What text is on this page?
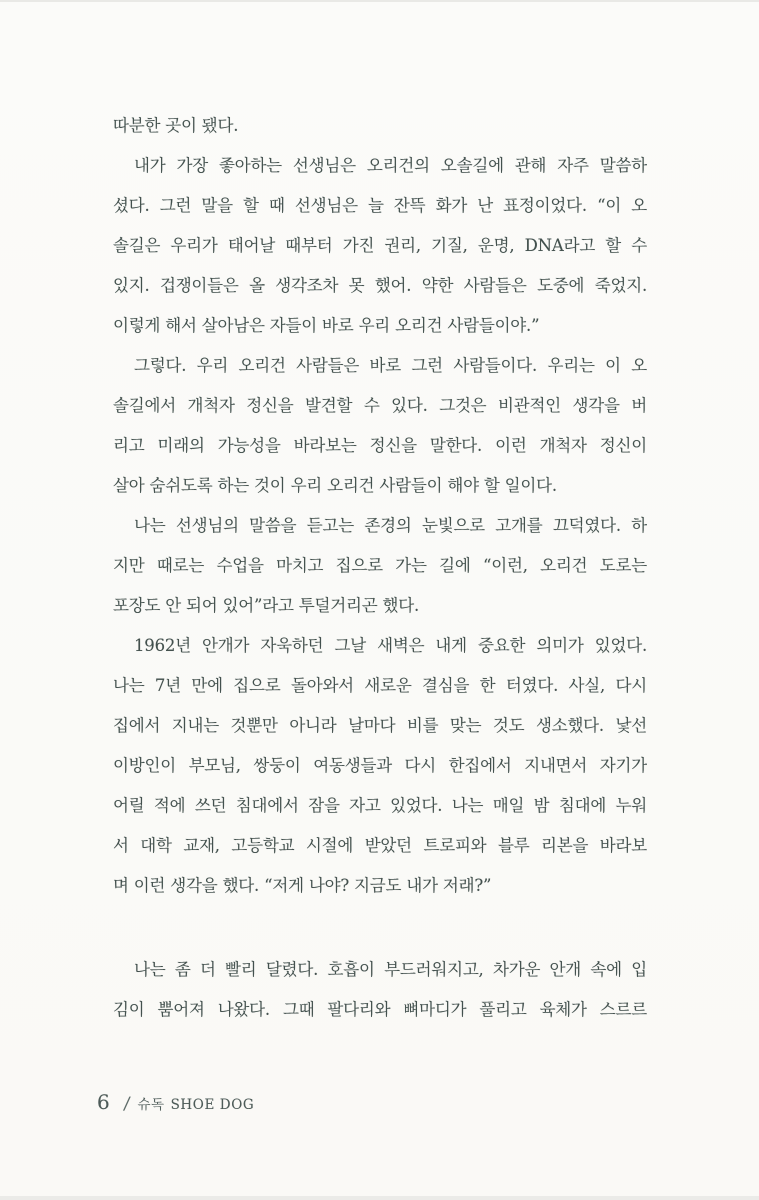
따분한 곳이 됐다.
내가 가장 좋아하는 선생님은 오리건의 오솔길에 관해 자주 말씀하
셨다. 그런 말을 할 때 선생님은 늘 잔뜩 화가 난 표정이었다. “이 오
솔길은 우리가 태어날 때부터 가진 권리, 기질, 운명, DNA라고 할 수
있지. 겁쟁이들은 올 생각조차 못 했어. 약한 사람들은 도중에 죽었지.
이렇게 해서 살아남은 자들이 바로 우리 오리건 사람들이야.”
그렇다. 우리 오리건 사람들은 바로 그런 사람들이다. 우리는 이 오
솔길에서 개척자 정신을 발견할 수 있다. 그것은 비관적인 생각을 버
리고 미래의 가능성을 바라보는 정신을 말한다. 이런 개척자 정신이
살아 숨쉬도록 하는 것이 우리 오리건 사람들이 해야 할 일이다.
나는 선생님의 말씀을 듣고는 존경의 눈빛으로 고개를 끄덕였다. 하
지만 때로는 수업을 마치고 집으로 가는 길에 “이런, 오리건 도로는
포장도 안 되어 있어”라고 투덜거리곤 했다.
1962년 안개가 자욱하던 그날 새벽은 내게 중요한 의미가 있었다.
나는 7년 만에 집으로 돌아와서 새로운 결심을 한 터였다. 사실, 다시
집에서 지내는 것뿐만 아니라 날마다 비를 맞는 것도 생소했다. 낯선
이방인이 부모님, 쌍둥이 여동생들과 다시 한집에서 지내면서 자기가
어릴 적에 쓰던 침대에서 잠을 자고 있었다. 나는 매일 밤 침대에 누워
서 대학 교재, 고등학교 시절에 받았던 트로피와 블루 리본을 바라보
며 이런 생각을 했다. “저게 나야? 지금도 내가 저래?”
나는 좀 더 빨리 달렸다. 호흡이 부드러워지고, 차가운 안개 속에 입
김이 뿜어져 나왔다. 그때 팔다리와 뼈마디가 풀리고 육체가 스르르
6 / 슈독 SHOE DOG
